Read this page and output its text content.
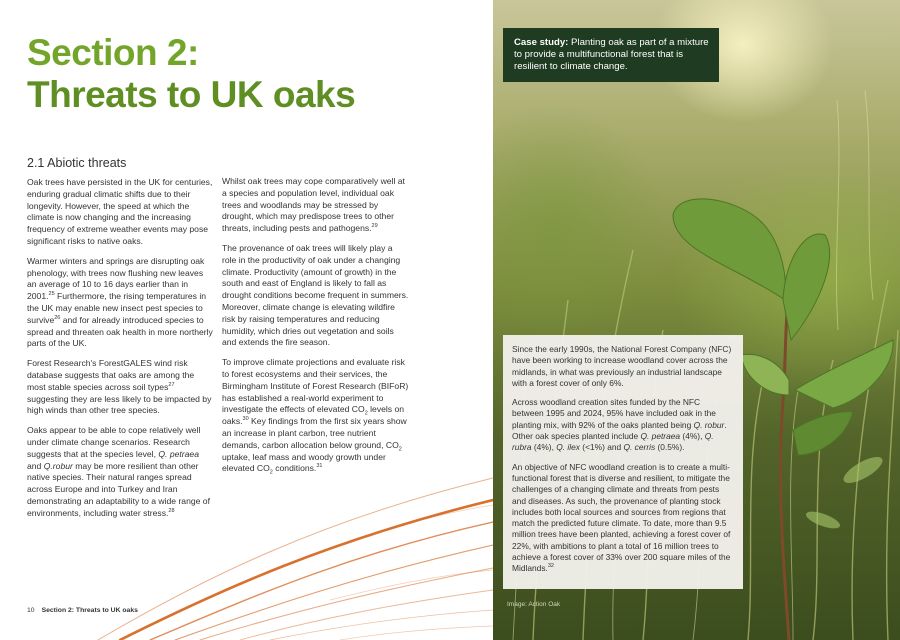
Section 2:
Threats to UK oaks
2.1 Abiotic threats

Oak trees have persisted in the UK for centuries, enduring gradual climatic shifts due to their longevity. However, the speed at which the climate is now changing and the increasing frequency of extreme weather events may pose significant risks to native oaks.

Warmer winters and springs are disrupting oak phenology, with trees now flushing new leaves an average of 10 to 16 days earlier than in 2001.25 Furthermore, the rising temperatures in the UK may enable new insect pest species to survive$^{26}$ and for already introduced species to spread and threaten oak health in more northerly parts of the UK.

Forest Research's ForestGALES wind risk database suggests that oaks are among the most stable species across soil types$^{27}$ suggesting they are less likely to be impacted by high winds than other tree species.

Oaks appear to be able to cope relatively well under climate change scenarios. Research suggests that at the species level, Q. petraea and Q.robur may be more resilient than other native species. Their natural ranges spread across Europe and into Turkey and Iran demonstrating an adaptability to a wide range of environments, including water stress.$^{28}$

Whilst oak trees may cope comparatively well at a species and population level, individual oak trees and woodlands may be stressed by drought, which may predispose trees to other threats, including pests and pathogens.$^{29}$

The provenance of oak trees will likely play a role in the productivity of oak under a changing climate. Productivity (amount of growth) in the south and east of England is likely to fall as drought conditions become frequent in summers. Moreover, climate change is elevating wildfire risk by raising temperatures and reducing humidity, which dries out vegetation and soils and extends the fire season.

To improve climate projections and evaluate risk to forest ecosystems and their services, the Birmingham Institute of Forest Research (BIFoR) has established a real-world experiment to investigate the effects of elevated $CO_2$ levels on oaks.$^{30}$ Key findings from the first six years show an increase in plant carbon, tree nutrient demands, carbon allocation below ground, $CO_2$ uptake, leaf mass and woody growth under elevated $CO_2$ conditions.$^{31}$

10 Section 2: Threats to UK oaks
Case study: Planting oak as part of a mixture to provide a multifunctional forest that is resilient to climate change.

Since the early 1990s, the National Forest Company (NFC) have been working to increase woodland cover across the midlands, in what was previously an industrial landscape with a forest cover of only 6%.

Across woodland creation sites funded by the NFC between 1995 and 2024, 95% have included oak in the planting mix, with 92% of the oaks planted being Q. robur. Other oak species planted include Q. petraea (4%), Q. rubra (4%), Q. ilex (<1%) and Q. cerris (0.5%).

An objective of NFC woodland creation is to create a multi-functional forest that is diverse and resilient, to mitigate the challenges of a changing climate and threats from pests and diseases. As such, the provenance of planting stock includes both local sources and sources from regions that match the predicted future climate. To date, more than 9.5 million trees have been planted, achieving a forest cover of 22%, with ambitions to plant a total of 16 million trees to achieve a forest cover of 33% over 200 square miles of the Midlands.$^{32}$

Image: Action Oak
